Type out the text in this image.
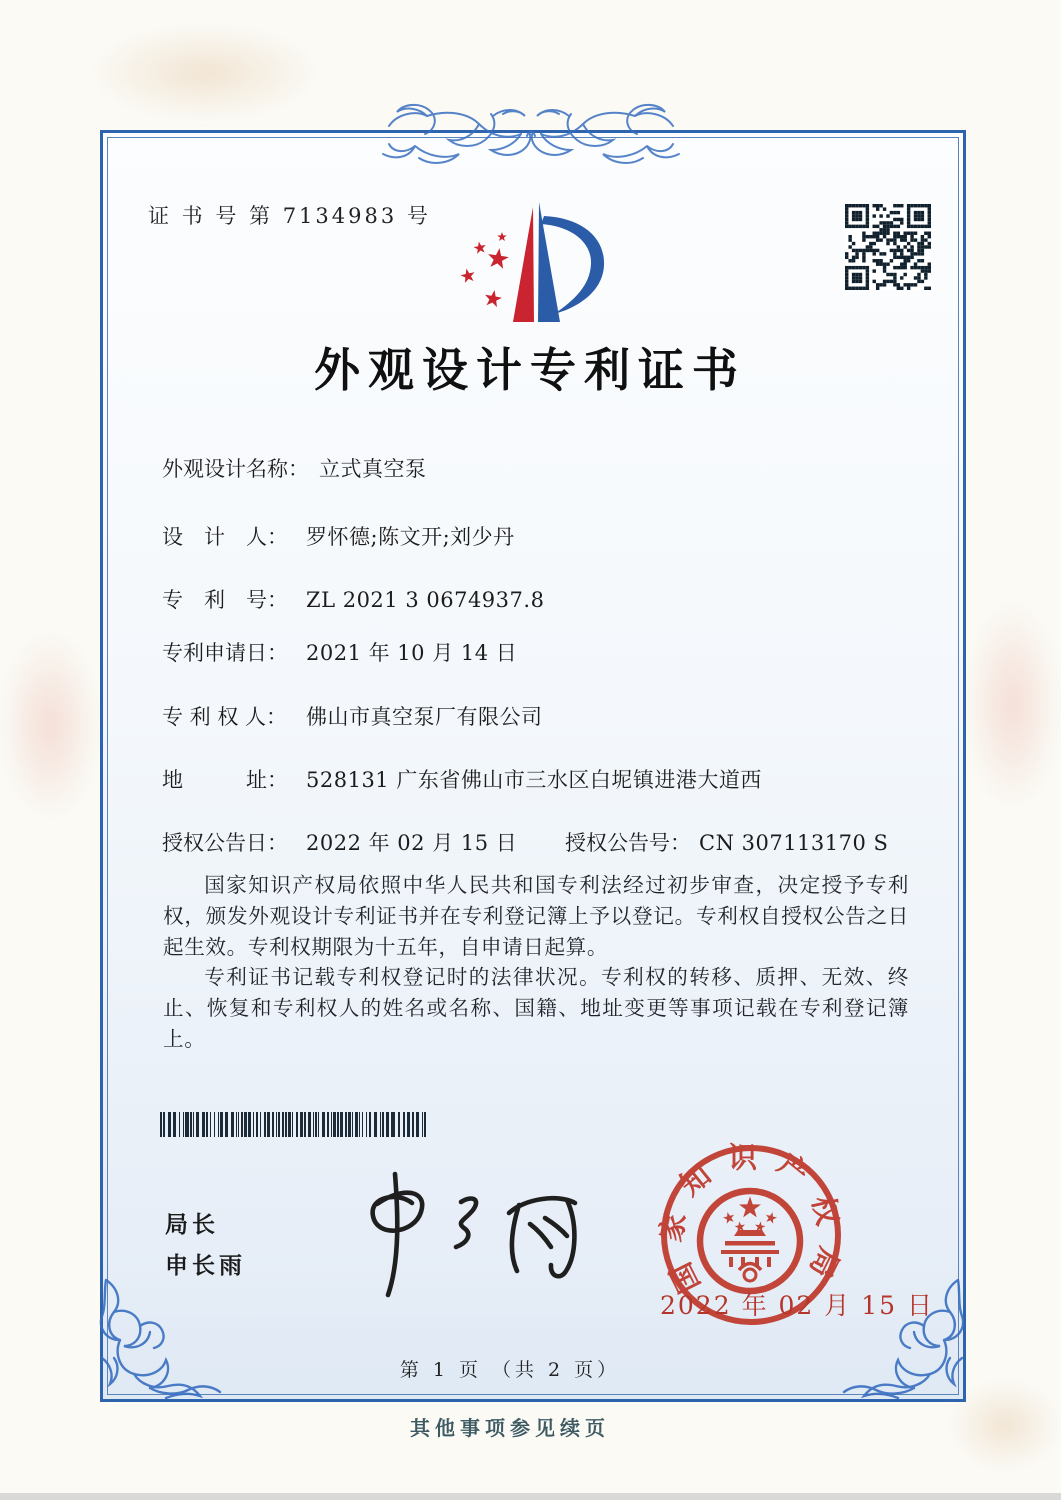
证 书 号 第 7134983 号
外观设计专利证书
外观设计名称： 立式真空泵
设　计　人： 罗怀德;陈文开;刘少丹
专　利　号： ZL 2021 3 0674937.8
专利申请日： 2021 年 10 月 14 日
专 利 权 人： 佛山市真空泵厂有限公司
地　　　址： 528131 广东省佛山市三水区白坭镇进港大道西
授权公告日： 2022 年 02 月 15 日 授权公告号： CN 307113170 S
国家知识产权局依照中华人民共和国专利法经过初步审查，决定授予专利权，颁发外观设计专利证书并在专利登记簿上予以登记。专利权自授权公告之日起生效。专利权期限为十五年，自申请日起算。
专利证书记载专利权登记时的法律状况。专利权的转移、质押、无效、终止、恢复和专利权人的姓名或名称、国籍、地址变更等事项记载在专利登记簿上。
局长
申长雨	国家知识产权局
2022 年 02 月 15 日
第 1 页 （共 2 页）
其他事项参见续页
